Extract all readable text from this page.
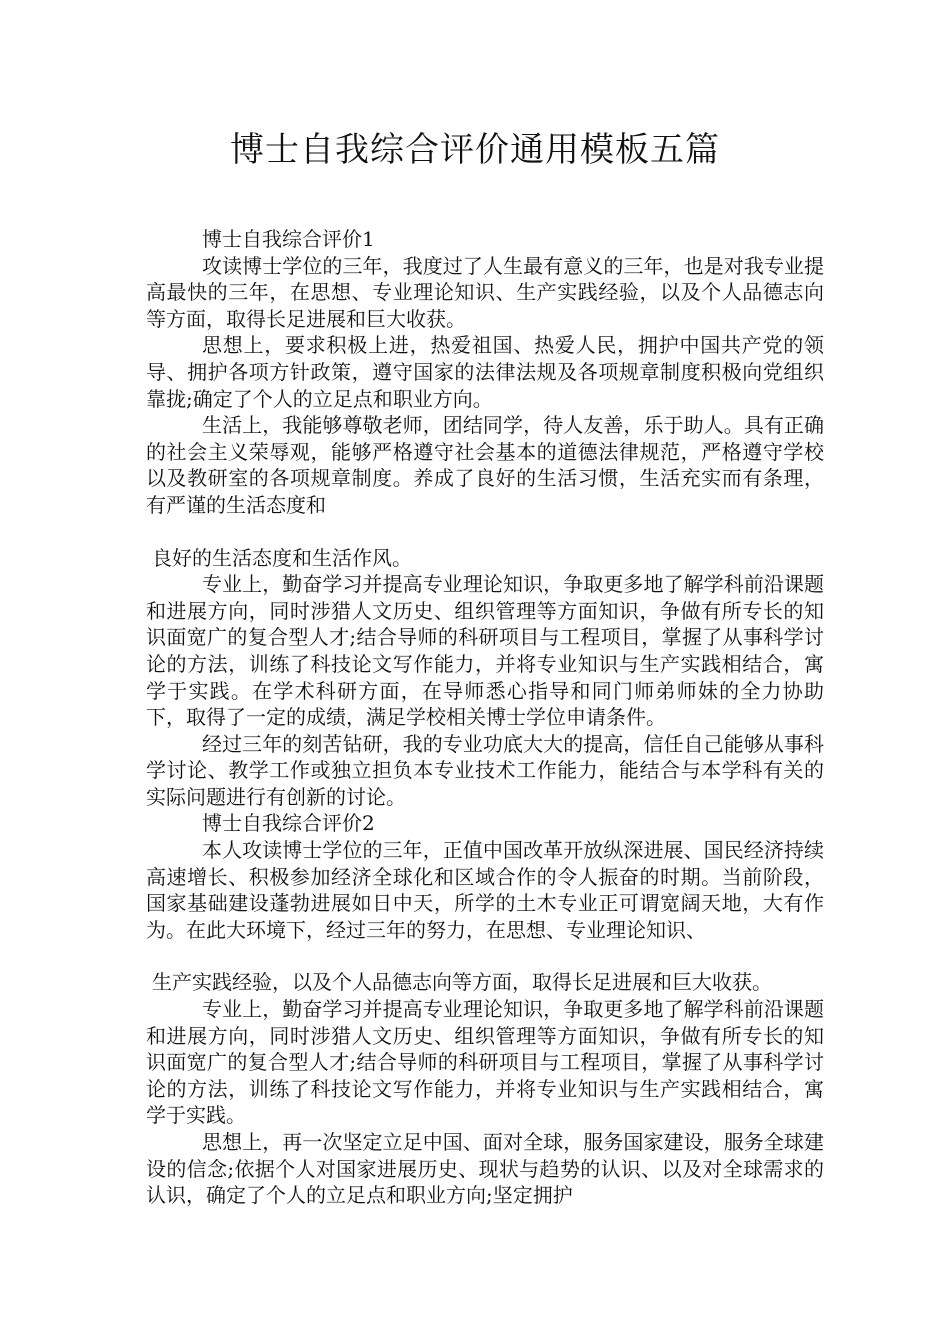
博士自我综合评价通用模板五篇

博士自我综合评价1

攻读博士学位的三年，我度过了人生最有意义的三年，也是对我专业提高最快的三年，在思想、专业理论知识、生产实践经验，以及个人品德志向等方面，取得长足进展和巨大收获。

思想上，要求积极上进，热爱祖国、热爱人民，拥护中国共产党的领导、拥护各项方针政策，遵守国家的法律法规及各项规章制度积极向党组织靠拢;确定了个人的立足点和职业方向。

生活上，我能够尊敬老师，团结同学，待人友善，乐于助人。具有正确的社会主义荣辱观，能够严格遵守社会基本的道德法律规范，严格遵守学校以及教研室的各项规章制度。养成了良好的生活习惯，生活充实而有条理，有严谨的生活态度和

良好的生活态度和生活作风。

专业上，勤奋学习并提高专业理论知识，争取更多地了解学科前沿课题和进展方向，同时涉猎人文历史、组织管理等方面知识，争做有所专长的知识面宽广的复合型人才;结合导师的科研项目与工程项目，掌握了从事科学讨论的方法，训练了科技论文写作能力，并将专业知识与生产实践相结合，寓学于实践。在学术科研方面，在导师悉心指导和同门师弟师妹的全力协助下，取得了一定的成绩，满足学校相关博士学位申请条件。

经过三年的刻苦钻研，我的专业功底大大的提高，信任自己能够从事科学讨论、教学工作或独立担负本专业技术工作能力，能结合与本学科有关的实际问题进行有创新的讨论。

博士自我综合评价2

本人攻读博士学位的三年，正值中国改革开放纵深进展、国民经济持续高速增长、积极参加经济全球化和区域合作的令人振奋的时期。当前阶段，国家基础建设蓬勃进展如日中天，所学的土木专业正可谓宽阔天地，大有作为。在此大环境下，经过三年的努力，在思想、专业理论知识、

生产实践经验，以及个人品德志向等方面，取得长足进展和巨大收获。

专业上，勤奋学习并提高专业理论知识，争取更多地了解学科前沿课题和进展方向，同时涉猎人文历史、组织管理等方面知识，争做有所专长的知识面宽广的复合型人才;结合导师的科研项目与工程项目，掌握了从事科学讨论的方法，训练了科技论文写作能力，并将专业知识与生产实践相结合，寓学于实践。

思想上，再一次坚定立足中国、面对全球，服务国家建设，服务全球建设的信念;依据个人对国家进展历史、现状与趋势的认识、以及对全球需求的认识，确定了个人的立足点和职业方向;坚定拥护
